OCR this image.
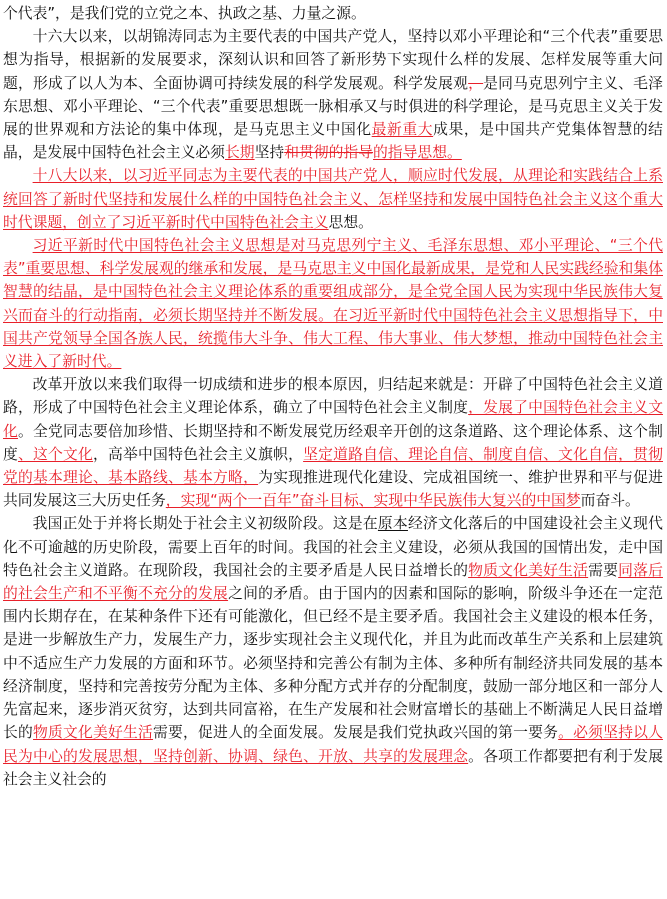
个代表”，是我们党的立党之本、执政之基、力量之源。

十六大以来，以胡锦涛同志为主要代表的中国共产党人，坚持以邓小平理论和“三个代表”重要思想为指导，根据新的发展要求，深刻认识和回答了新形势下实现什么样的发展、怎样发展等重大问题，形成了以人为本、全面协调可持续发展的科学发展观。科学发展观，是同马克思列宁主义、毛泽东思想、邓小平理论、“三个代表”重要思想既一脉相承又与时俱进的科学理论，是马克思主义关于发展的世界观和方法论的集中体现，是马克思主义中国化最新重大成果，是中国共产党集体智慧的结晶，是发展中国特色社会主义必须长期坚持和贯彻的指导的指导思想。

十八大以来，以习近平同志为主要代表的中国共产党人，顺应时代发展，从理论和实践结合上系统回答了新时代坚持和发展什么样的中国特色社会主义、怎样坚持和发展中国特色社会主义这个重大时代课题，创立了习近平新时代中国特色社会主义思想。

习近平新时代中国特色社会主义思想是对马克思列宁主义、毛泽东思想、邓小平理论、“三个代表”重要思想、科学发展观的继承和发展，是马克思主义中国化最新成果，是党和人民实践经验和集体智慧的结晶，是中国特色社会主义理论体系的重要组成部分，是全党全国人民为实现中华民族伟大复兴而奋斗的行动指南，必须长期坚持并不断发展。在习近平新时代中国特色社会主义思想指导下，中国共产党领导全国各族人民，统揽伟大斗争、伟大工程、伟大事业、伟大梦想，推动中国特色社会主义进入了新时代。

改革开放以来我们取得一切成绩和进步的根本原因，归结起来就是：开辟了中国特色社会主义道路，形成了中国特色社会主义理论体系，确立了中国特色社会主义制度，发展了中国特色社会主义文化。全党同志要倍加珍惜、长期坚持和不断发展党历经艰辛开创的这条道路、这个理论体系、这个制度、这个文化，高举中国特色社会主义旗帜，坚定道路自信、理论自信、制度自信、文化自信，贯彻党的基本理论、基本路线、基本方略，为实现推进现代化建设、完成祖国统一、维护世界和平与促进共同发展这三大历史任务，实现“两个一百年”奋斗目标、实现中华民族伟大复兴的中国梦而奋斗。

我国正处于并将长期处于社会主义初级阶段。这是在原本经济文化落后的中国建设社会主义现代化不可逾越的历史阶段，需要上百年的时间。我国的社会主义建设，必须从我国的国情出发，走中国特色社会主义道路。在现阶段，我国社会的主要矛盾是人民日益增长的物质文化美好生活需要同落后的社会生产和不平衡不充分的发展之间的矛盾。由于国内的因素和国际的影响，阶级斗争还在一定范围内长期存在，在某种条件下还有可能激化，但已经不是主要矛盾。我国社会主义建设的根本任务，是进一步解放生产力，发展生产力，逐步实现社会主义现代化，并且为此而改革生产关系和上层建筑中不适应生产力发展的方面和环节。必须坚持和完善公有制为主体、多种所有制经济共同发展的基本经济制度，坚持和完善按劳分配为主体、多种分配方式并存的分配制度，鼓励一部分地区和一部分人先富起来，逐步消灭贫穷，达到共同富裕，在生产发展和社会财富增长的基础上不断满足人民日益增长的物质文化美好生活需要，促进人的全面发展。发展是我们党执政兴国的第一要务。必须坚持以人民为中心的发展思想，坚持创新、协调、绿色、开放、共享的发展理念。各项工作都要把有利于发展社会主义社会的
